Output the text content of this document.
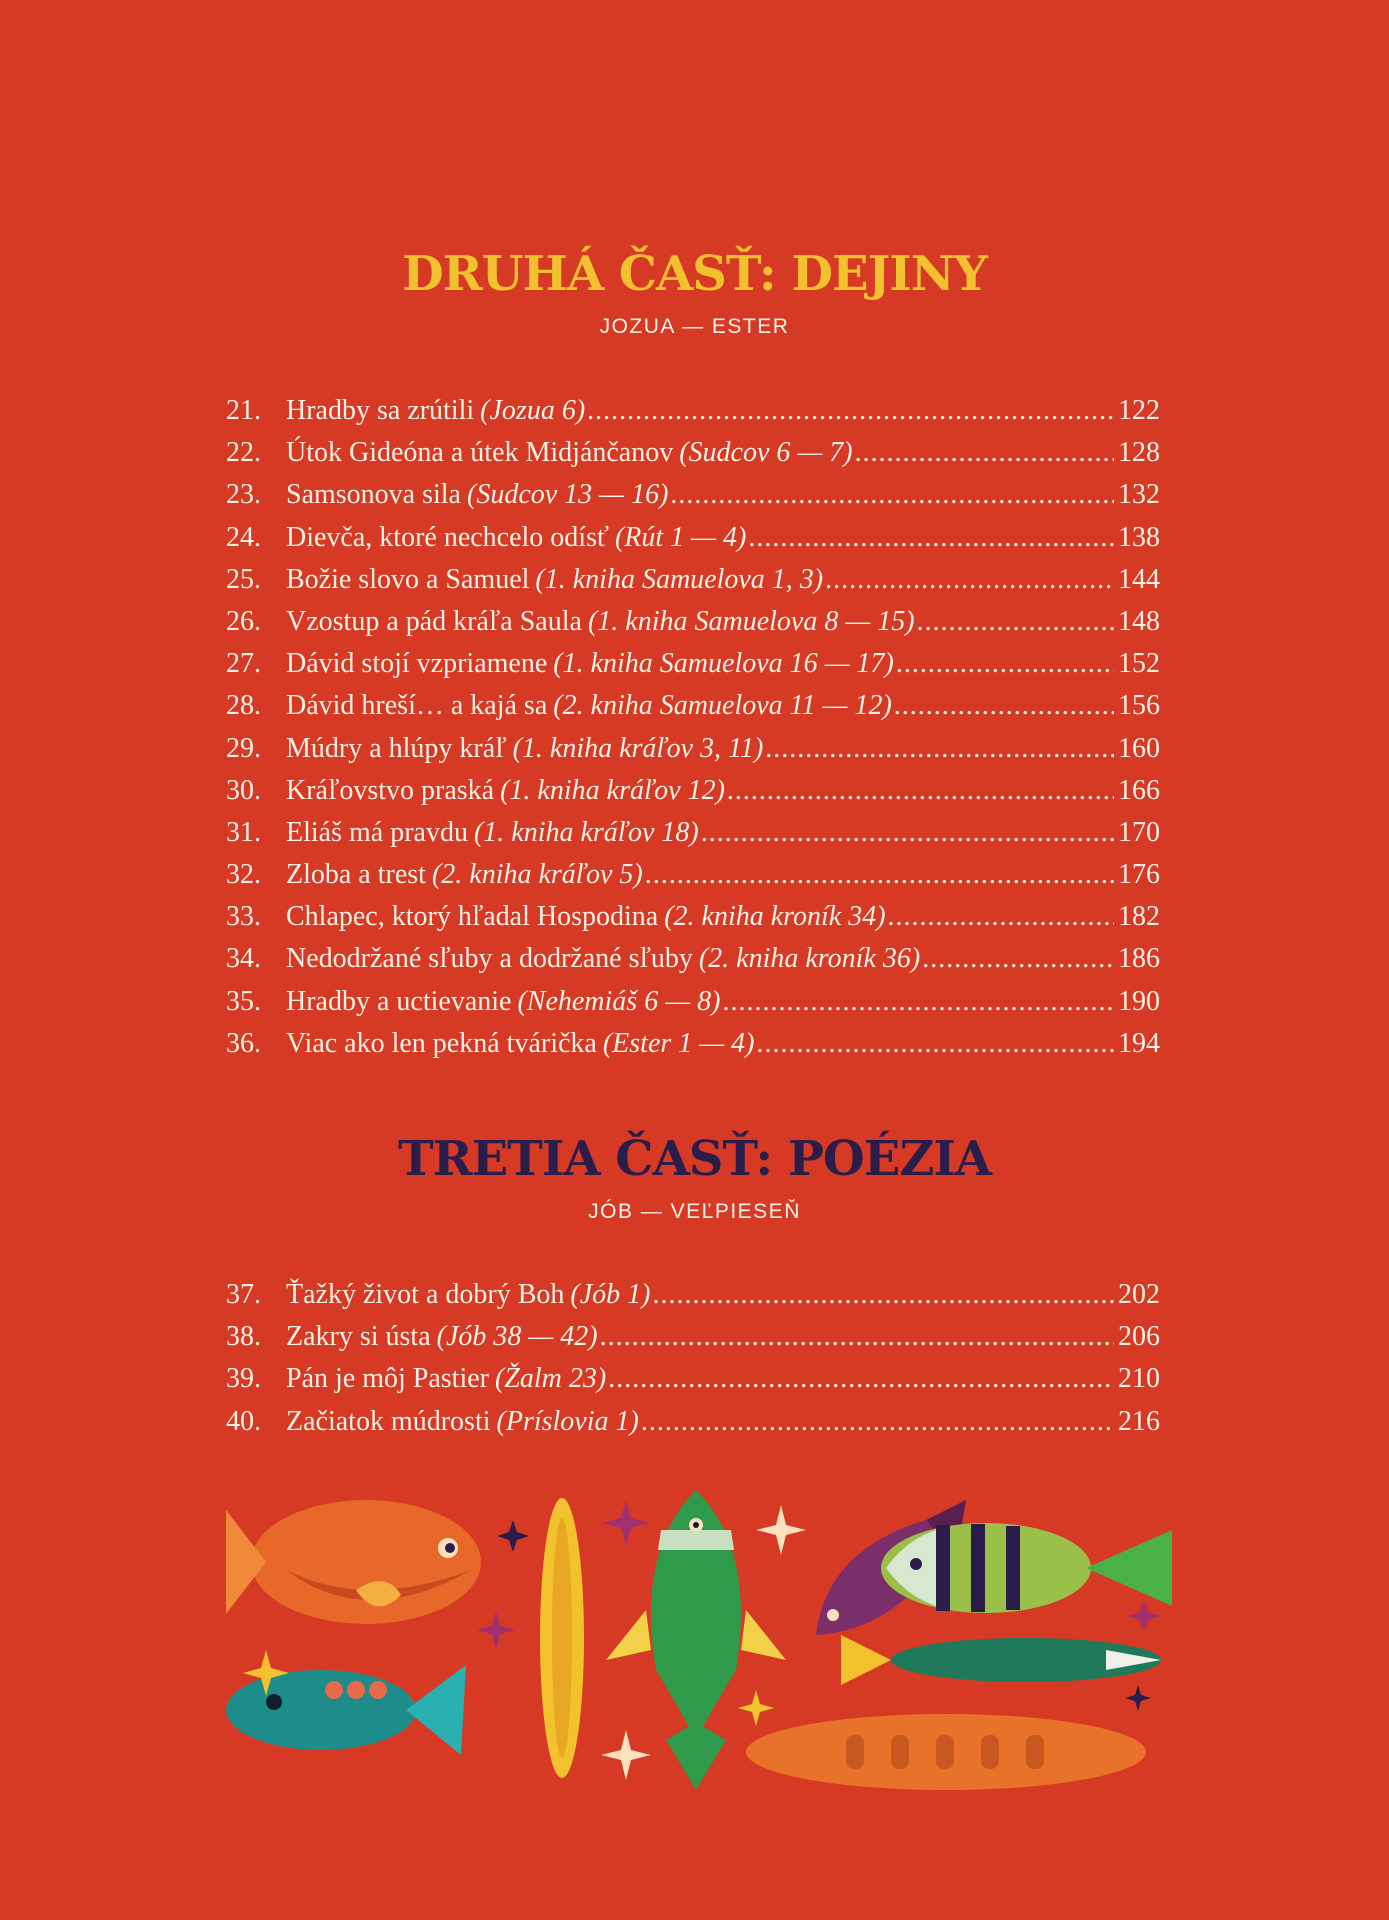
DRUHÁ ČASŤ: DEJINY
JOZUA — ESTER
21. Hradby sa zrútili (Jozua 6) .....	122
22. Útok Gideóna a útek Midjánčanov (Sudcov 6 — 7) .....	128
23. Samsonova sila (Sudcov 13 — 16) .....	132
24. Dievča, ktoré nechcelo odísť (Rút 1 — 4) .....	138
25. Božie slovo a Samuel (1. kniha Samuelova 1, 3) .....	144
26. Vzostup a pád kráľa Saula (1. kniha Samuelova 8 — 15) .....	148
27. Dávid stojí vzpriamene (1. kniha Samuelova 16 — 17) .....	152
28. Dávid hreší… a kajá sa (2. kniha Samuelova 11 — 12) .....	156
29. Múdry a hlúpy kráľ (1. kniha kráľov 3, 11) .....	160
30. Kráľovstvo praská (1. kniha kráľov 12) .....	166
31. Eliáš má pravdu (1. kniha kráľov 18) .....	170
32. Zloba a trest (2. kniha kráľov 5) .....	176
33. Chlapec, ktorý hľadal Hospodina (2. kniha kroník 34) .....	182
34. Nedodržané sľuby a dodržané sľuby (2. kniha kroník 36) .....	186
35. Hradby a uctievanie (Nehemiáš 6 — 8) .....	190
36. Viac ako len pekná tvárička (Ester 1 — 4) .....	194
TRETIA ČASŤ: POÉZIA
JÓB — VEĽPIESEŇ
37. Ťažký život a dobrý Boh (Jób 1) .....	202
38. Zakry si ústa (Jób 38 — 42) .....	206
39. Pán je môj Pastier (Žalm 23) .....	210
40. Začiatok múdrosti (Príslovia 1) .....	216
